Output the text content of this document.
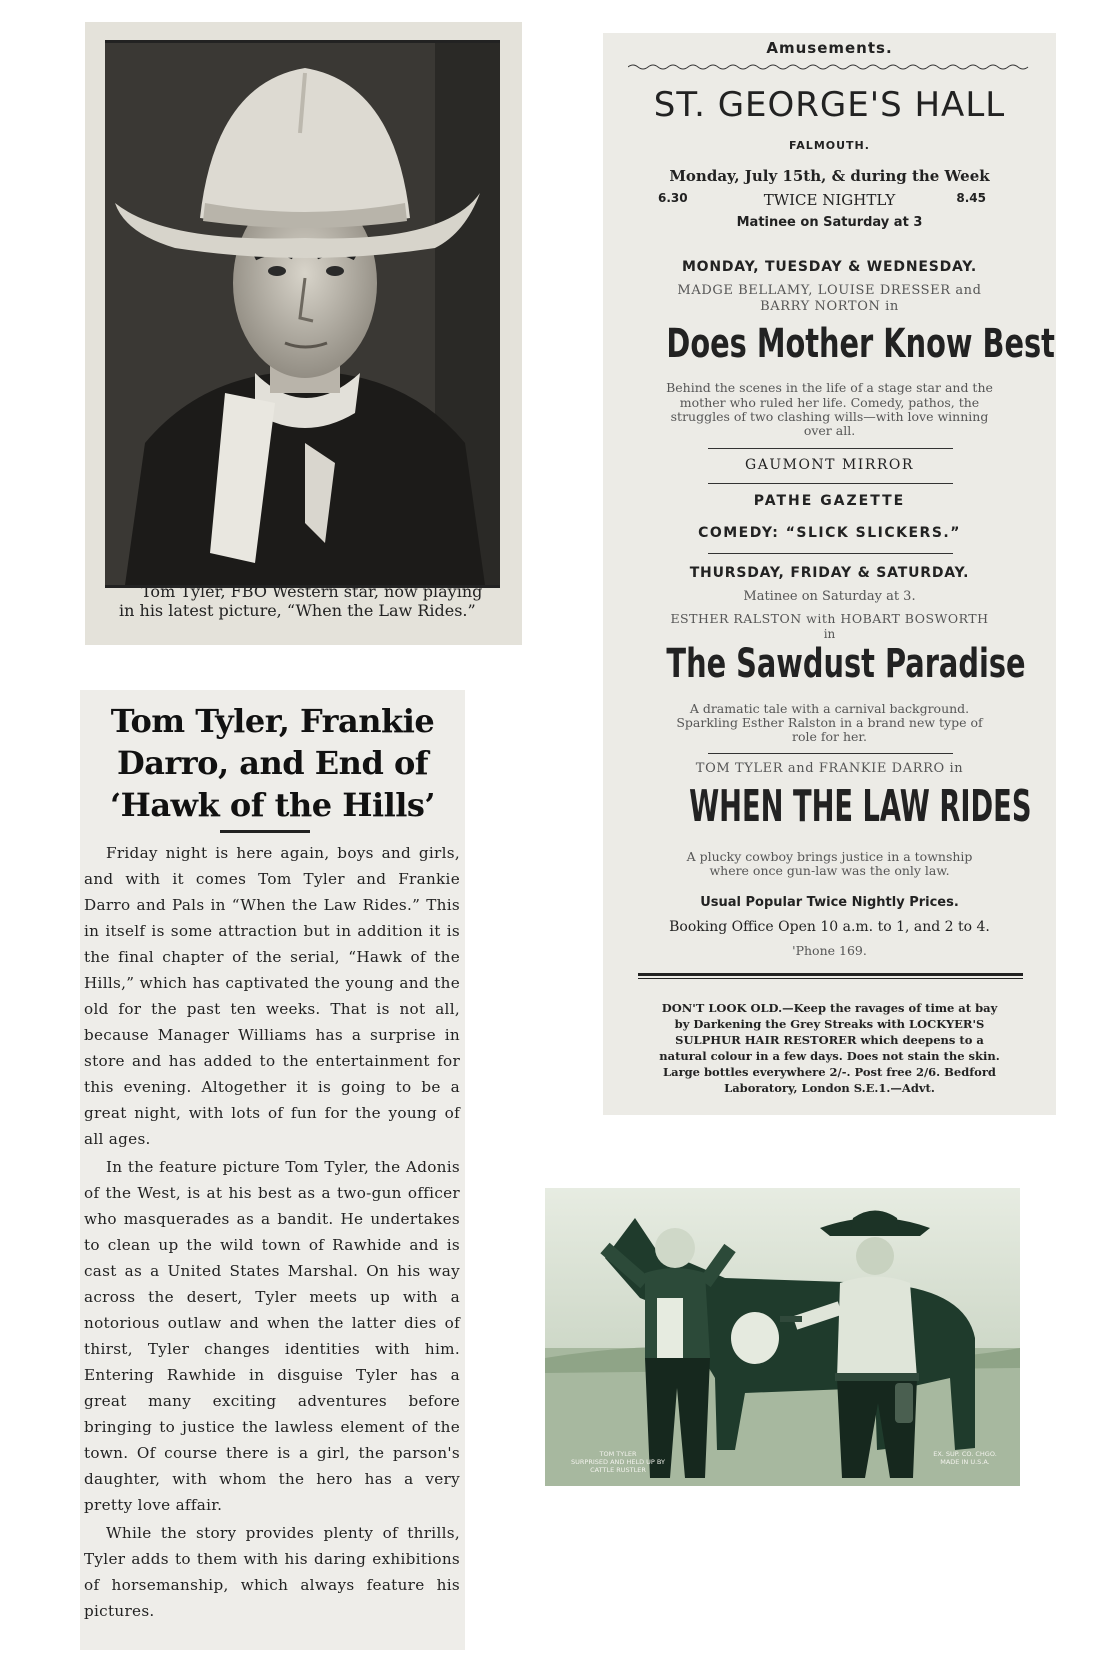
Tom Tyler, FBO Western star, now playing in his latest picture, “When the Law Rides.”
Amusements.
ST. GEORGE'S HALL
FALMOUTH.
Monday, July 15th, & during the Week
6.30	TWICE NIGHTLY	8.45
Matinee on Saturday at 3
MONDAY, TUESDAY & WEDNESDAY.
MADGE BELLAMY, LOUISE DRESSER and
BARRY NORTON in
Does Mother Know Best
Behind the scenes in the life of a stage star and the
mother who ruled her life. Comedy, pathos, the
struggles of two clashing wills—with love winning
over all.
GAUMONT MIRROR
PATHE GAZETTE
COMEDY: “SLICK SLICKERS.”
THURSDAY, FRIDAY & SATURDAY.
Matinee on Saturday at 3.
ESTHER RALSTON with HOBART BOSWORTH
in
The Sawdust Paradise
A dramatic tale with a carnival background.
Sparkling Esther Ralston in a brand new type of
role for her.
TOM TYLER and FRANKIE DARRO in
WHEN THE LAW RIDES
A plucky cowboy brings justice in a township
where once gun-law was the only law.
Usual Popular Twice Nightly Prices.
Booking Office Open 10 a.m. to 1, and 2 to 4.
'Phone 169.
DON'T LOOK OLD.—Keep the ravages of time at bay
by Darkening the Grey Streaks with LOCKYER'S
SULPHUR HAIR RESTORER which deepens to a
natural colour in a few days. Does not stain the skin.
Large bottles everywhere 2/-. Post free 2/6. Bedford
Laboratory, London S.E.1.—Advt.
Tom Tyler, Frankie Darro, and End of ‘Hawk of the Hills’

Friday night is here again, boys and girls, and with it comes Tom Tyler and Frankie Darro and Pals in “When the Law Rides.” This in itself is some attraction but in addition it is the final chapter of the serial, “Hawk of the Hills,” which has captivated the young and the old for the past ten weeks. That is not all, because Manager Williams has a surprise in store and has added to the entertainment for this evening. Altogether it is going to be a great night, with lots of fun for the young of all ages.

In the feature picture Tom Tyler, the Adonis of the West, is at his best as a two-gun officer who masquerades as a bandit. He undertakes to clean up the wild town of Rawhide and is cast as a United States Marshal. On his way across the desert, Tyler meets up with a notorious outlaw and when the latter dies of thirst, Tyler changes identities with him. Entering Rawhide in disguise Tyler has a great many exciting adventures before bringing to justice the lawless element of the town. Of course there is a girl, the parson's daughter, with whom the hero has a very pretty love affair.

While the story provides plenty of thrills, Tyler adds to them with his daring exhibitions of horsemanship, which always feature his pictures.

TOM TYLER
SURPRISED AND HELD UP BY
CATTLE RUSTLER
EX. SUP. CO. CHGO.
MADE IN U.S.A.
